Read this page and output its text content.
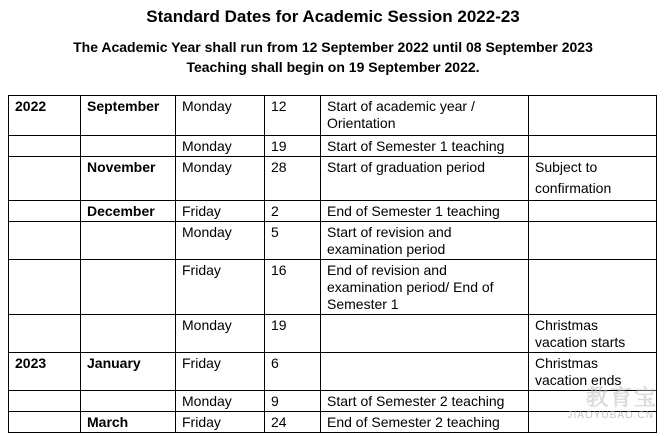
Standard Dates for Academic Session 2022-23
The Academic Year shall run from 12 September 2022 until 08 September 2023
Teaching shall begin on 19 September 2022.
2022	September	Monday	12	Start of academic year / Orientation	
		Monday	19	Start of Semester 1 teaching	
	November	Monday	28	Start of graduation period	Subject to confirmation
	December	Friday	2	End of Semester 1 teaching	
		Monday	5	Start of revision and examination period	
		Friday	16	End of revision and examination period/ End of Semester 1	
		Monday	19		Christmas vacation starts
2023	January	Friday	6		Christmas vacation ends
		Monday	9	Start of Semester 2 teaching	
	March	Friday	24	End of Semester 2 teaching	
教育宝
JIAOYUBAO.CN
